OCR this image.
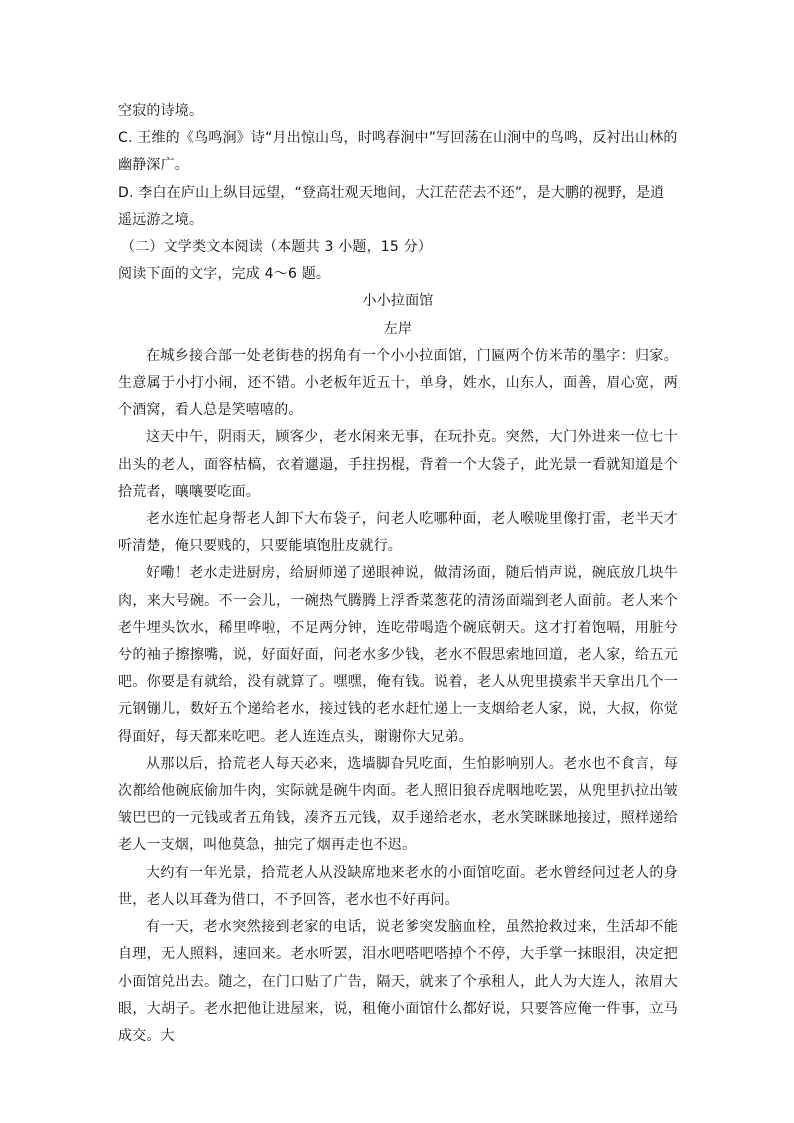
空寂的诗境。

C. 王维的《鸟鸣涧》诗“月出惊山鸟，时鸣春涧中”写回荡在山涧中的鸟鸣，反衬出山林的幽静深广。

D. 李白在庐山上纵目远望，“登高壮观天地间，大江茫茫去不还”，是大鹏的视野，是逍遥远游之境。

（二）文学类文本阅读（本题共 3 小题，15 分）

阅读下面的文字，完成 4～6 题。

小小拉面馆

左岸

在城乡接合部一处老街巷的拐角有一个小小拉面馆，门匾两个仿米芾的墨字：归家。生意属于小打小闹，还不错。小老板年近五十，单身，姓水，山东人，面善，眉心宽，两个酒窝，看人总是笑嘻嘻的。

这天中午，阴雨天，顾客少，老水闲来无事，在玩扑克。突然，大门外进来一位七十出头的老人，面容枯槁，衣着邋遢，手拄拐棍，背着一个大袋子，此光景一看就知道是个拾荒者，嚷嚷要吃面。

老水连忙起身帮老人卸下大布袋子，问老人吃哪种面，老人喉咙里像打雷，老半天才听清楚，俺只要贱的，只要能填饱肚皮就行。

好嘞！老水走进厨房，给厨师递了递眼神说，做清汤面，随后悄声说，碗底放几块牛肉，来大号碗。不一会儿，一碗热气腾腾上浮香菜葱花的清汤面端到老人面前。老人来个老牛埋头饮水，稀里哗啦，不足两分钟，连吃带喝造个碗底朝天。这才打着饱嗝，用脏兮兮的袖子擦擦嘴，说，好面好面，问老水多少钱，老水不假思索地回道，老人家，给五元吧。你要是有就给，没有就算了。嘿嘿，俺有钱。说着，老人从兜里摸索半天拿出几个一元钢镚儿，数好五个递给老水，接过钱的老水赶忙递上一支烟给老人家，说，大叔，你觉得面好，每天都来吃吧。老人连连点头，谢谢你大兄弟。

从那以后，拾荒老人每天必来，选墙脚旮旯吃面，生怕影响别人。老水也不食言，每次都给他碗底偷加牛肉，实际就是碗牛肉面。老人照旧狼吞虎咽地吃罢，从兜里扒拉出皱皱巴巴的一元钱或者五角钱，凑齐五元钱，双手递给老水，老水笑眯眯地接过，照样递给老人一支烟，叫他莫急，抽完了烟再走也不迟。

大约有一年光景，拾荒老人从没缺席地来老水的小面馆吃面。老水曾经问过老人的身世，老人以耳聋为借口，不予回答，老水也不好再问。

有一天，老水突然接到老家的电话，说老爹突发脑血栓，虽然抢救过来，生活却不能自理，无人照料，速回来。老水听罢，泪水吧嗒吧嗒掉个不停，大手掌一抹眼泪，决定把小面馆兑出去。随之，在门口贴了广告，隔天，就来了个承租人，此人为大连人，浓眉大眼，大胡子。老水把他让进屋来，说，租俺小面馆什么都好说，只要答应俺一件事，立马成交。大
